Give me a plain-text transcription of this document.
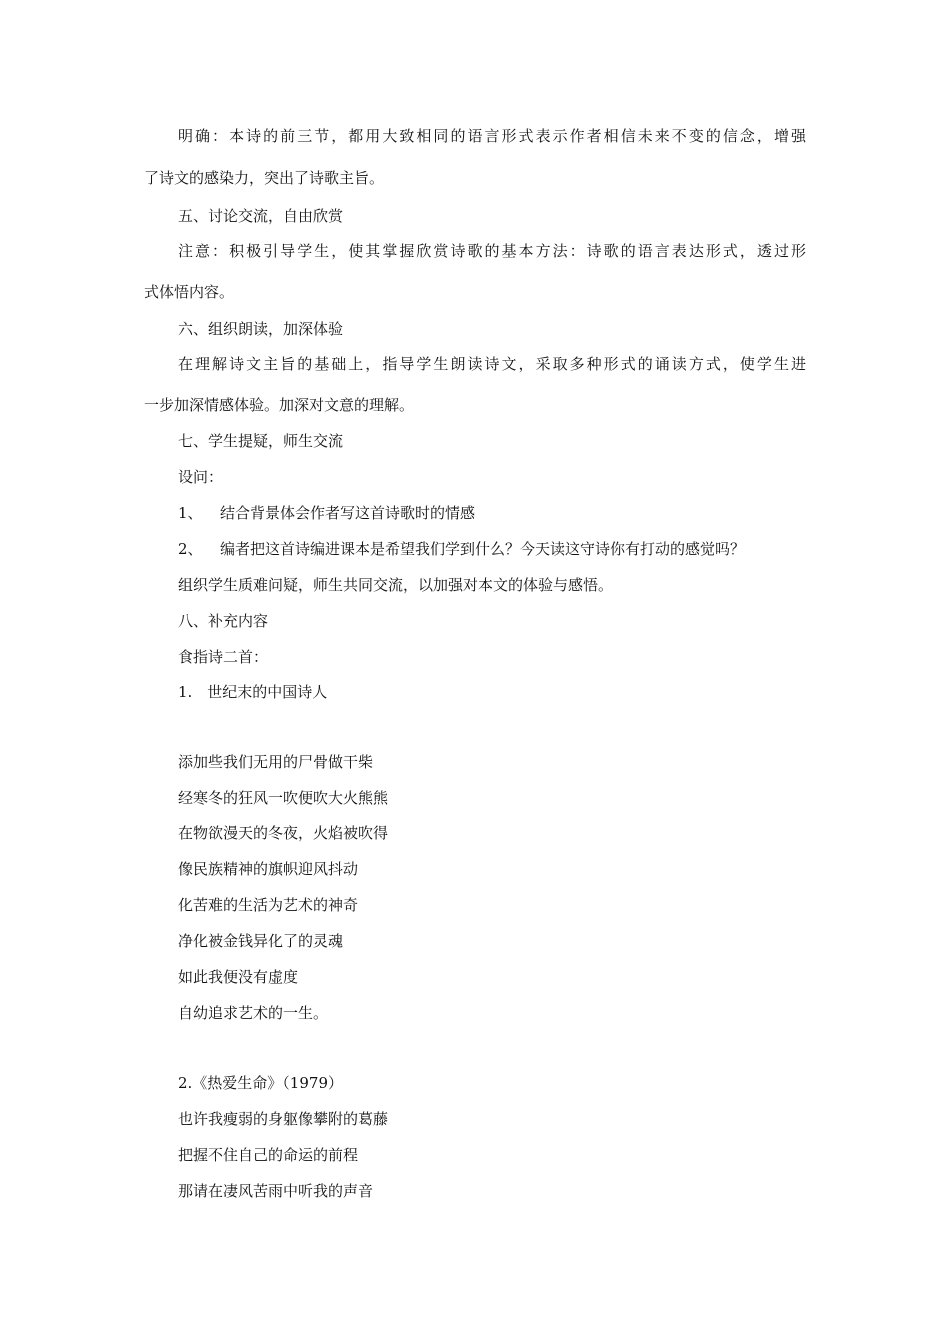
明确：本诗的前三节，都用大致相同的语言形式表示作者相信未来不变的信念，增强
了诗文的感染力，突出了诗歌主旨。
五、讨论交流，自由欣赏
注意：积极引导学生，使其掌握欣赏诗歌的基本方法：诗歌的语言表达形式，透过形
式体悟内容。
六、组织朗读，加深体验
在理解诗文主旨的基础上，指导学生朗读诗文，采取多种形式的诵读方式，使学生进
一步加深情感体验。加深对文意的理解。
七、学生提疑，师生交流
设问：
1、 结合背景体会作者写这首诗歌时的情感
2、 编者把这首诗编进课本是希望我们学到什么？今天读这守诗你有打动的感觉吗？
组织学生质难问疑，师生共同交流，以加强对本文的体验与感悟。
八、补充内容
食指诗二首：
1.　世纪末的中国诗人
添加些我们无用的尸骨做干柴
经寒冬的狂风一吹便吹大火熊熊
在物欲漫天的冬夜，火焰被吹得
像民族精神的旗帜迎风抖动
化苦难的生活为艺术的神奇
净化被金钱异化了的灵魂
如此我便没有虚度
自幼追求艺术的一生。
2.《热爱生命》（1979）
也许我瘦弱的身躯像攀附的葛藤
把握不住自己的命运的前程
那请在凄风苦雨中听我的声音
